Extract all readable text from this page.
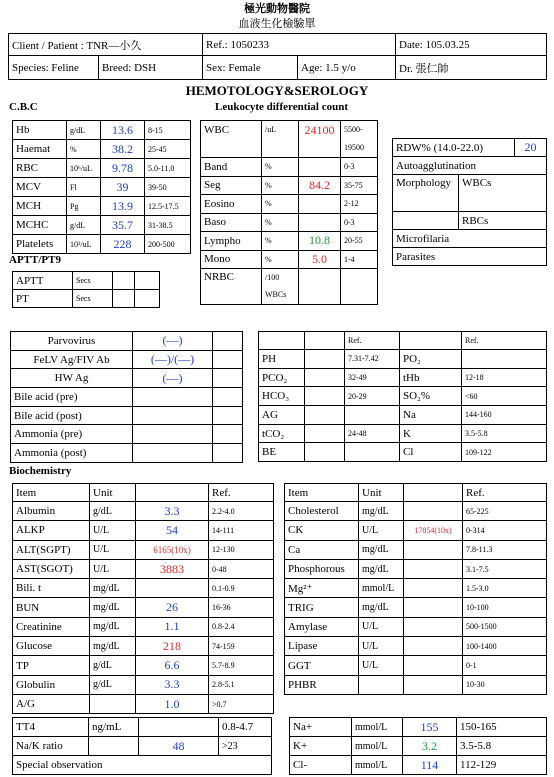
極光動物醫院
血液生化檢驗單
Client / Patient : TNR—小久		Ref.: 1050233		Date: 105.03.25
Species: Feline	Breed: DSH	Sex: Female	Age: 1.5 y/o	Dr. 張仁帥
HEMOTOLOGY&SEROLOGY
C.B.C	Leukocyte differential count
Hb	g/dL	13.6	8-15
Haemat	%	38.2	25-45
RBC	10⁶/uL	9.78	5.0-11.0
MCV	Fl	39	39-50
MCH	Pg	13.9	12.5-17.5
MCHC	g/dL	35.7	31-38.5
Platelets	10³/uL	228	200-500
WBC	/uL	24100	5500-
19500

Band	%		0-3
Seg	%	84.2	35-75
Eosino	%		2-12
Baso	%		0-3
Lympho	%	10.8	20-55
Mono	%	5.0	1-4
NRBC	/100
WBCs		

RDW% (14.0-22.0)		20
Autoagglutination		
Morphology	WBCs	
	RBCs	
Microfilaria		
Parasites		
APTT/PT9
APTT	Secs		
PT	Secs		
Parvovirus	(—)	
FeLV Ag/FIV Ab	(—)/(—)	
HW Ag	(—)	
Bile acid (pre)		
Bile acid (post)		
Ammonia (pre)		
Ammonia (post)		
		Ref.		Ref.
PH		7.31-7.42	PO₂	
PCO₂		32-49	tHb	12-18
HCO₃		20-29	SO₂%	<60
AG			Na	144-160
tCO₂		24-48	K	3.5-5.8
BE			Cl	109-122
Biochemistry
Item	Unit		Ref.
Albumin	g/dL	3.3	2.2-4.0
ALKP	U/L	54	14-111
ALT(SGPT)	U/L	6165(10x)	12-130
AST(SGOT)	U/L	3883	0-48
Bili. t	mg/dL		0.1-0.9
BUN	mg/dL	26	16-36
Creatinine	mg/dL	1.1	0.8-2.4
Glucose	mg/dL	218	74-159
TP	g/dL	6.6	5.7-8.9
Globulin	g/dL	3.3	2.8-5.1
A/G		1.0	>0.7
Item	Unit		Ref.
Cholesterol	mg/dL		65-225
CK	U/L	17854(10x)	0-314
Ca	mg/dL		7.8-11.3
Phosphorous	mg/dL		3.1-7.5
Mg²⁺	mmol/L		1.5-3.0
TRIG	mg/dL		10-100
Amylase	U/L		500-1500
Lipase	U/L		100-1400
GGT	U/L		0-1
PHBR			10-30
TT4	ng/mL		0.8-4.7
Na/K ratio		48	>23
Special observation			
Na+	mmol/L	155	150-165
K+	mmol/L	3.2	3.5-5.8
Cl-	mmol/L	114	112-129
